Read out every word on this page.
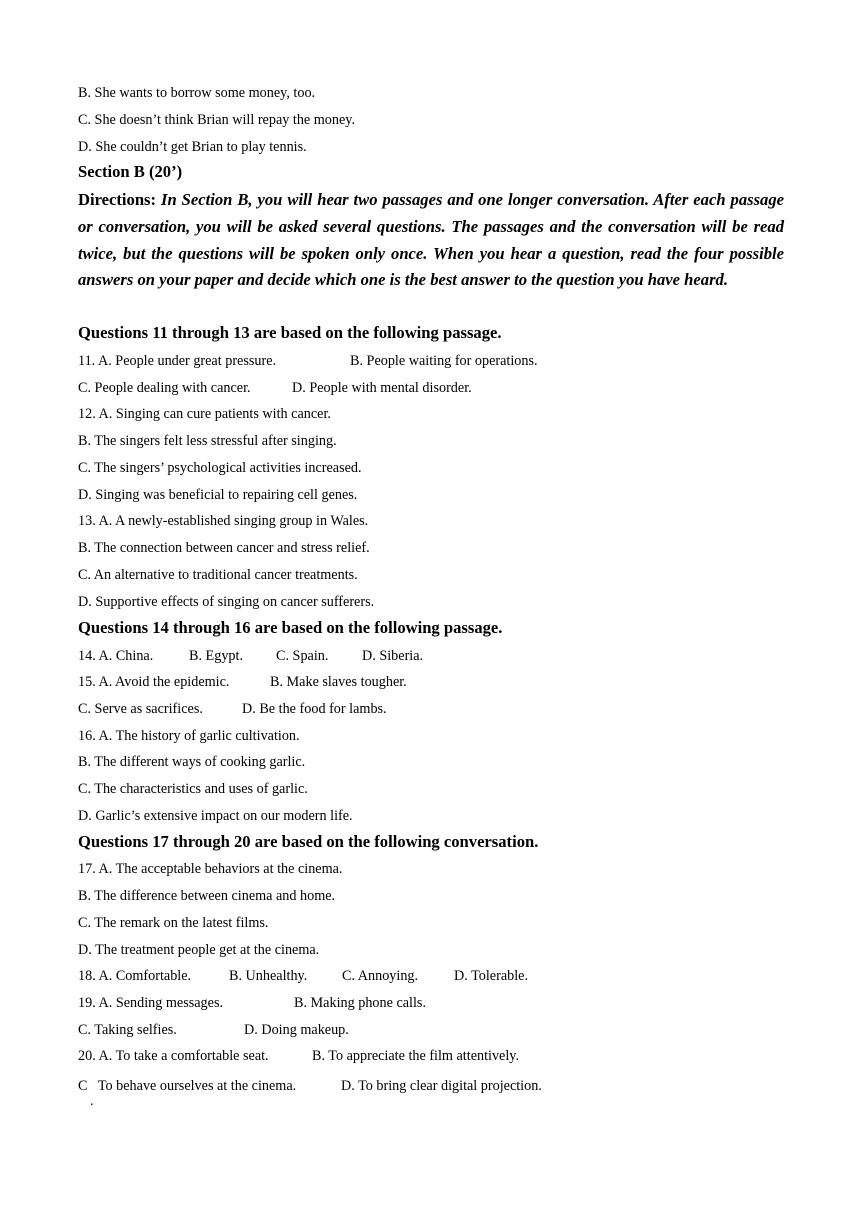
B. She wants to borrow some money, too.
C. She doesn’t think Brian will repay the money.
D. She couldn’t get Brian to play tennis.
Section B (20’)
Directions: In Section B, you will hear two passages and one longer conversation. After each passage or conversation, you will be asked several questions. The passages and the conversation will be read twice, but the questions will be spoken only once. When you hear a question, read the four possible answers on your paper and decide which one is the best answer to the question you have heard.
Questions 11 through 13 are based on the following passage.
11. A. People under great pressure.	B. People waiting for operations.
C. People dealing with cancer.	D. People with mental disorder.
12. A. Singing can cure patients with cancer.
B. The singers felt less stressful after singing.
C. The singers’ psychological activities increased.
D. Singing was beneficial to repairing cell genes.
13. A. A newly-established singing group in Wales.
B. The connection between cancer and stress relief.
C. An alternative to traditional cancer treatments.
D. Supportive effects of singing on cancer sufferers.
Questions 14 through 16 are based on the following passage.
14. A. China.	B. Egypt. C. Spain. D. Siberia.
15. A. Avoid the epidemic.	B. Make slaves tougher.
C. Serve as sacrifices.	D. Be the food for lambs.
16. A. The history of garlic cultivation.
B. The different ways of cooking garlic.
C. The characteristics and uses of garlic.
D. Garlic’s extensive impact on our modern life.
Questions 17 through 20 are based on the following conversation.
17. A. The acceptable behaviors at the cinema.
B. The difference between cinema and home.
C. The remark on the latest films.
D. The treatment people get at the cinema.
18. A. Comfortable.	B. Unhealthy. C. Annoying.	D. Tolerable.
19. A. Sending messages.	B. Making phone calls.
C. Taking selfies.	D. Doing makeup.
20. A. To take a comfortable seat.	B. To appreciate the film attentively.
C   To behave ourselves at the cinema.	D. To bring clear digital projection.
.
